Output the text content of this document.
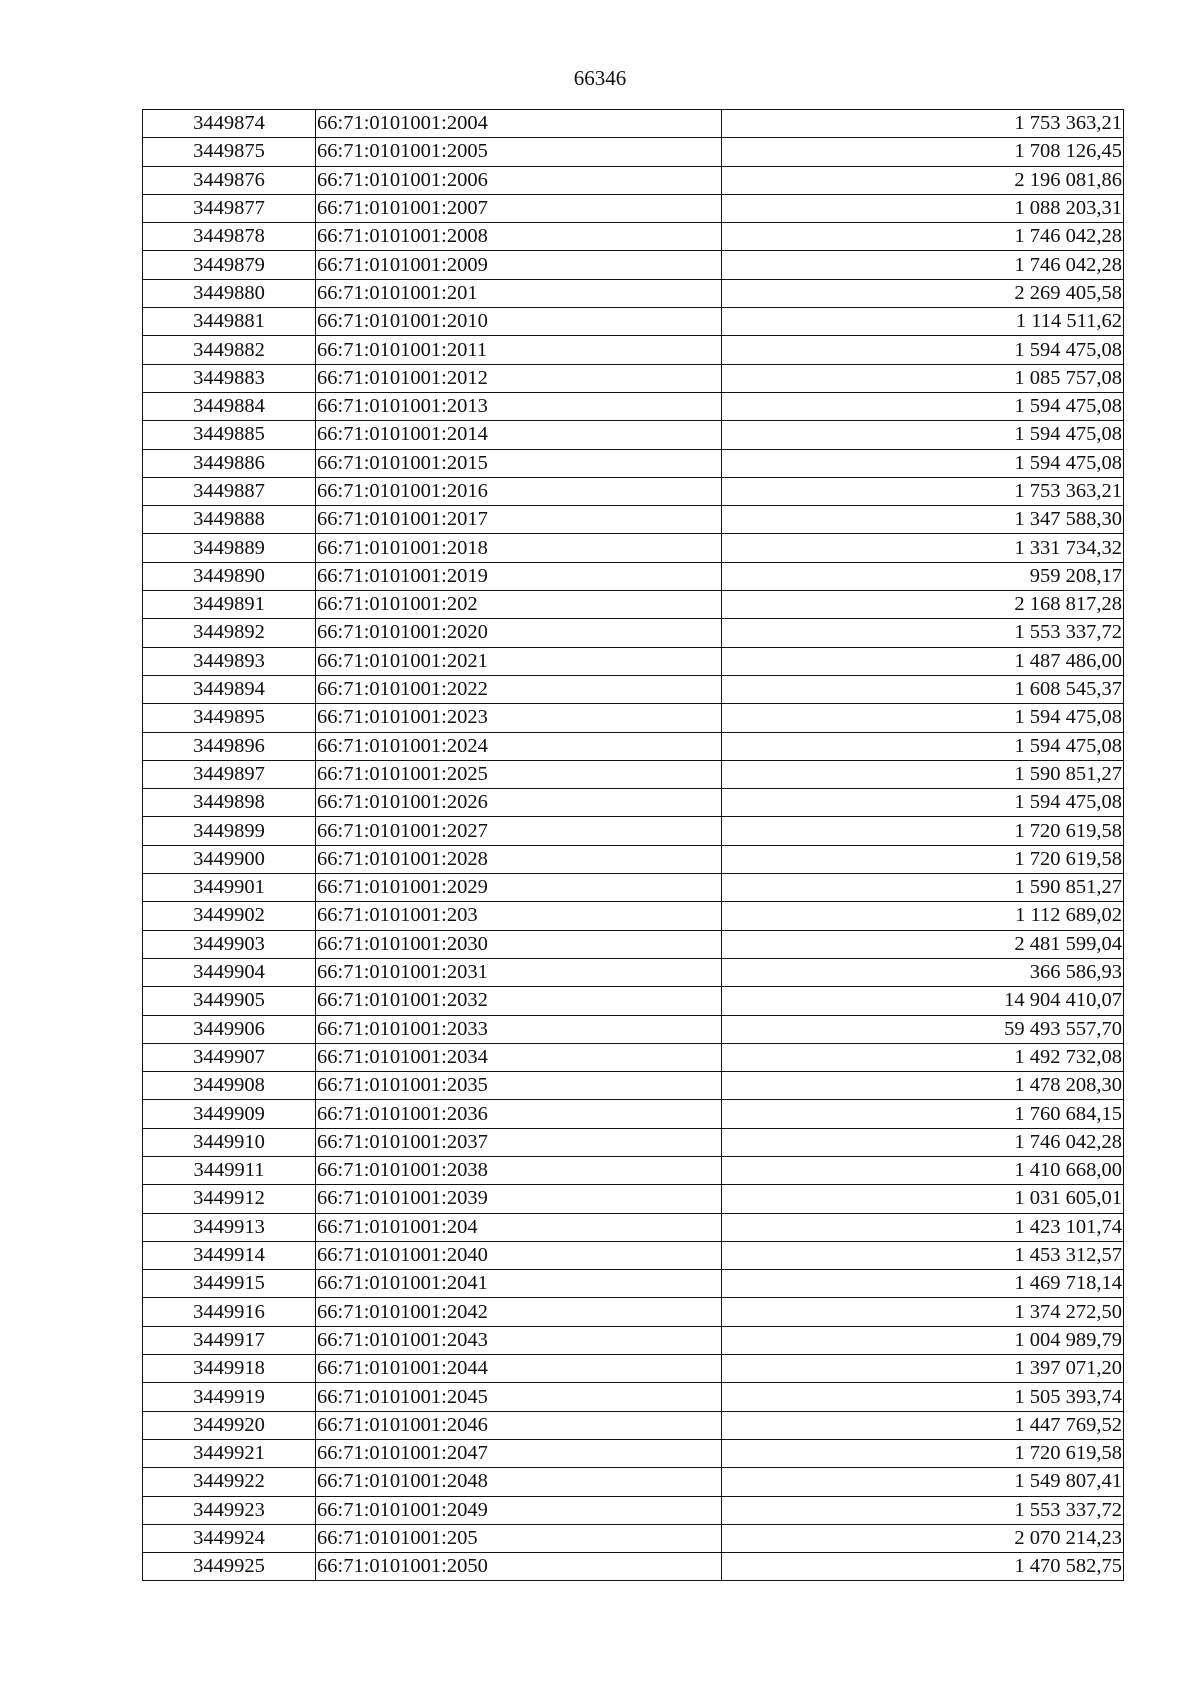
66346
3449874	66:71:0101001:2004	1 753 363,21
3449875	66:71:0101001:2005	1 708 126,45
3449876	66:71:0101001:2006	2 196 081,86
3449877	66:71:0101001:2007	1 088 203,31
3449878	66:71:0101001:2008	1 746 042,28
3449879	66:71:0101001:2009	1 746 042,28
3449880	66:71:0101001:201	2 269 405,58
3449881	66:71:0101001:2010	1 114 511,62
3449882	66:71:0101001:2011	1 594 475,08
3449883	66:71:0101001:2012	1 085 757,08
3449884	66:71:0101001:2013	1 594 475,08
3449885	66:71:0101001:2014	1 594 475,08
3449886	66:71:0101001:2015	1 594 475,08
3449887	66:71:0101001:2016	1 753 363,21
3449888	66:71:0101001:2017	1 347 588,30
3449889	66:71:0101001:2018	1 331 734,32
3449890	66:71:0101001:2019	959 208,17
3449891	66:71:0101001:202	2 168 817,28
3449892	66:71:0101001:2020	1 553 337,72
3449893	66:71:0101001:2021	1 487 486,00
3449894	66:71:0101001:2022	1 608 545,37
3449895	66:71:0101001:2023	1 594 475,08
3449896	66:71:0101001:2024	1 594 475,08
3449897	66:71:0101001:2025	1 590 851,27
3449898	66:71:0101001:2026	1 594 475,08
3449899	66:71:0101001:2027	1 720 619,58
3449900	66:71:0101001:2028	1 720 619,58
3449901	66:71:0101001:2029	1 590 851,27
3449902	66:71:0101001:203	1 112 689,02
3449903	66:71:0101001:2030	2 481 599,04
3449904	66:71:0101001:2031	366 586,93
3449905	66:71:0101001:2032	14 904 410,07
3449906	66:71:0101001:2033	59 493 557,70
3449907	66:71:0101001:2034	1 492 732,08
3449908	66:71:0101001:2035	1 478 208,30
3449909	66:71:0101001:2036	1 760 684,15
3449910	66:71:0101001:2037	1 746 042,28
3449911	66:71:0101001:2038	1 410 668,00
3449912	66:71:0101001:2039	1 031 605,01
3449913	66:71:0101001:204	1 423 101,74
3449914	66:71:0101001:2040	1 453 312,57
3449915	66:71:0101001:2041	1 469 718,14
3449916	66:71:0101001:2042	1 374 272,50
3449917	66:71:0101001:2043	1 004 989,79
3449918	66:71:0101001:2044	1 397 071,20
3449919	66:71:0101001:2045	1 505 393,74
3449920	66:71:0101001:2046	1 447 769,52
3449921	66:71:0101001:2047	1 720 619,58
3449922	66:71:0101001:2048	1 549 807,41
3449923	66:71:0101001:2049	1 553 337,72
3449924	66:71:0101001:205	2 070 214,23
3449925	66:71:0101001:2050	1 470 582,75
